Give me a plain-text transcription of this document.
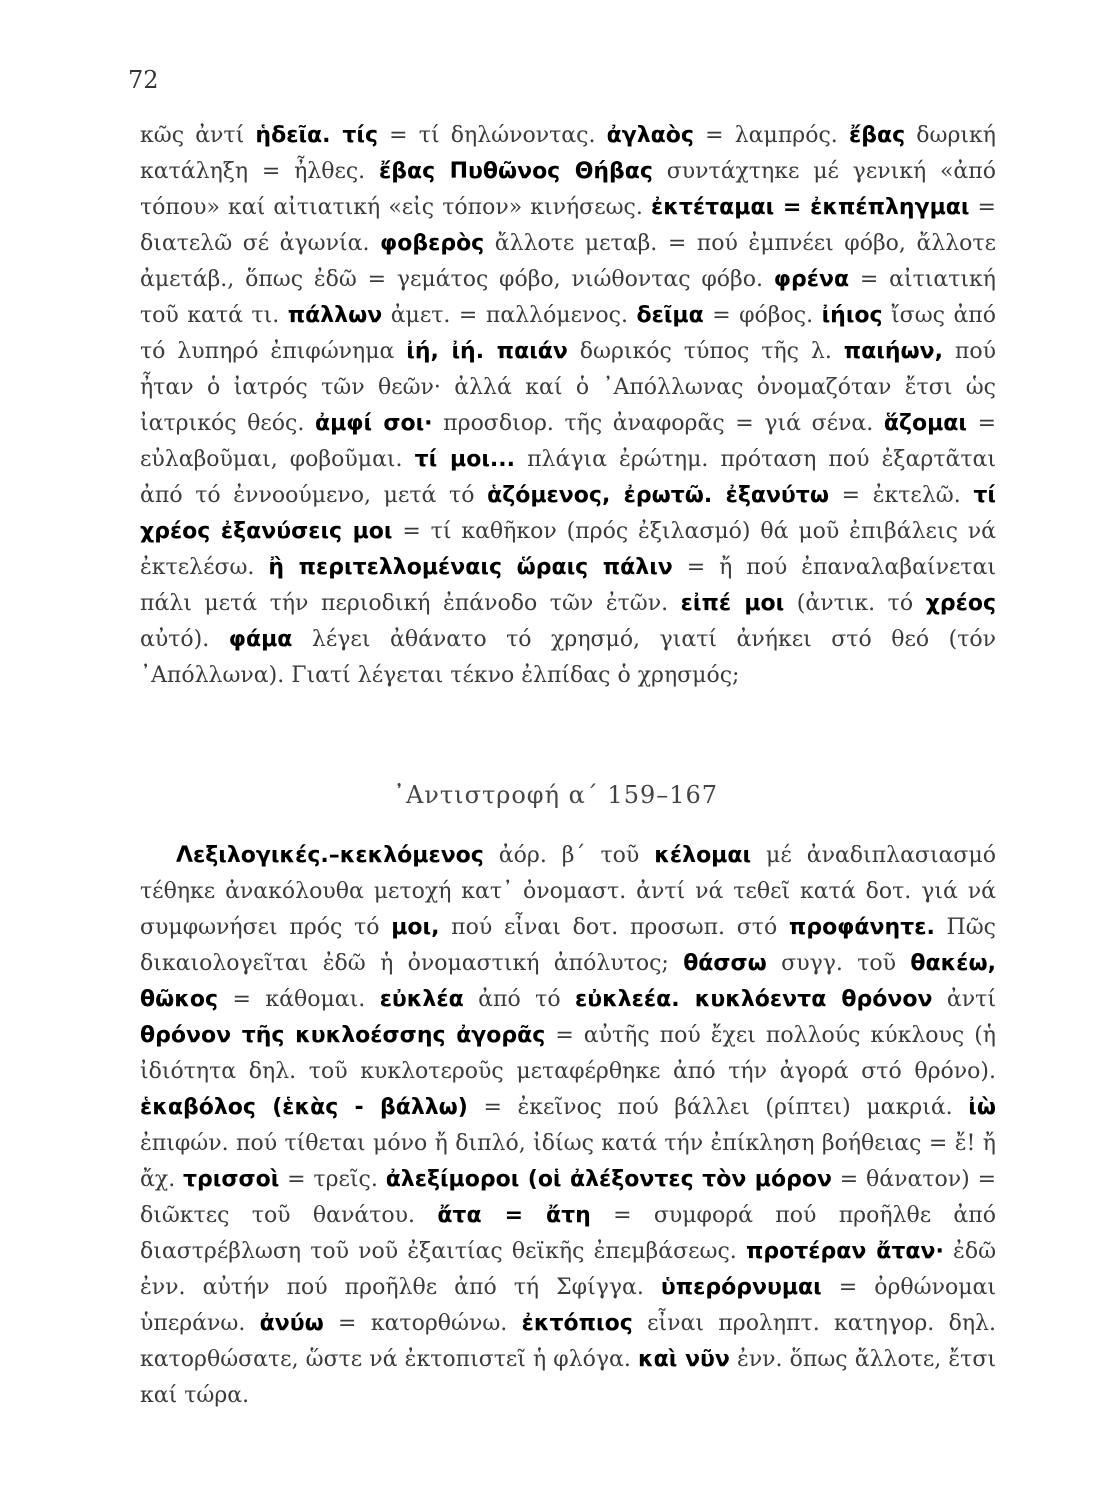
72

κῶς ἀντί ἡδεῖα. τίς = τί δηλώνοντας. ἀγλαὸς = λαμπρός. ἔβας δωρική κατάληξη = ἦλθες. ἔβας Πυθῶνος Θήβας συντάχτηκε μέ γενική «ἀπό τόπου» καί αἰτιατική «εἰς τόπον» κινήσεως. ἐκτέταμαι = ἐκπέπληγμαι = διατελῶ σέ ἀγωνία. φοβερὸς ἄλλοτε μεταβ. = πού ἐμπνέει φόβο, ἄλλοτε ἀμετάβ., ὅπως ἐδῶ = γεμάτος φόβο, νιώθοντας φόβο. φρένα = αἰτιατική τοῦ κατά τι. πάλλων ἀμετ. = παλλόμενος. δεῖμα = φόβος. ἰήιος ἴσως ἀπό τό λυπηρό ἐπιφώνημα ἰή, ἰή. παιάν δωρικός τύπος τῆς λ. παιήων, πού ἦταν ὁ ἰατρός τῶν θεῶν· ἀλλά καί ὁ ᾿Απόλλωνας ὀνομαζόταν ἔτσι ὡς ἰατρικός θεός. ἀμφί σοι· προσδιορ. τῆς ἀναφορᾶς = γιά σένα. ἅζομαι = εὐλαβοῦμαι, φοβοῦμαι. τί μοι... πλάγια ἐρώτημ. πρόταση πού ἐξαρτᾶται ἀπό τό ἐννοούμενο, μετά τό ἁζόμενος, ἐρωτῶ. ἐξανύτω = ἐκτελῶ. τί χρέος ἐξανύσεις μοι = τί καθῆκον (πρός ἐξιλασμό) θά μοῦ ἐπιβάλεις νά ἐκτελέσω. ἢ περιτελλομέναις ὥραις πάλιν = ἤ πού ἐπαναλαβαίνεται πάλι μετά τήν περιοδική ἐπάνοδο τῶν ἐτῶν. εἰπέ μοι (ἀντικ. τό χρέος αὐτό). φάμα λέγει ἀθάνατο τό χρησμό, γιατί ἀνήκει στό θεό (τόν ᾿Απόλλωνα). Γιατί λέγεται τέκνο ἐλπίδας ὁ χρησμός;

᾿Αντιστροφή α΄ 159–167

Λεξιλογικές.–κεκλόμενος ἀόρ. β΄ τοῦ κέλομαι μέ ἀναδιπλασιασμό τέθηκε ἀνακόλουθα μετοχή κατ᾿ ὀνομαστ. ἀντί νά τεθεῖ κατά δοτ. γιά νά συμφωνήσει πρός τό μοι, πού εἶναι δοτ. προσωπ. στό προφάνητε. Πῶς δικαιολογεῖται ἐδῶ ἡ ὀνομαστική ἀπόλυτος; θάσσω συγγ. τοῦ θακέω, θῶκος = κάθομαι. εὐκλέα ἀπό τό εὐκλεέα. κυκλόεντα θρόνον ἀντί θρόνον τῆς κυκλοέσσης ἀγορᾶς = αὐτῆς πού ἔχει πολλούς κύκλους (ἡ ἰδιότητα δηλ. τοῦ κυκλοτεροῦς μεταφέρθηκε ἀπό τήν ἀγορά στό θρόνο). ἑκαβόλος (ἑκὰς - βάλλω) = ἐκεῖνος πού βάλλει (ρίπτει) μακριά. ἰὼ ἐπιφών. πού τίθεται μόνο ἤ διπλό, ἰδίως κατά τήν ἐπίκληση βοήθειας = ἔ! ἤ ἄχ. τρισσοὶ = τρεῖς. ἀλεξίμοροι (οἱ ἀλέξοντες τὸν μόρον = θάνατον) = διῶκτες τοῦ θανάτου. ἄτα = ἄτη = συμφορά πού προῆλθε ἀπό διαστρέβλωση τοῦ νοῦ ἐξαιτίας θεϊκῆς ἐπεμβάσεως. προτέραν ἄταν· ἐδῶ ἐνν. αὐτήν πού προῆλθε ἀπό τή Σφίγγα. ὑπερόρνυμαι = ὀρθώνομαι ὑπεράνω. ἀνύω = κατορθώνω. ἐκτόπιος εἶναι προληπτ. κατηγορ. δηλ. κατορθώσατε, ὥστε νά ἐκτοπιστεῖ ἡ φλόγα. καὶ νῦν ἐνν. ὅπως ἄλλοτε, ἔτσι καί τώρα.
